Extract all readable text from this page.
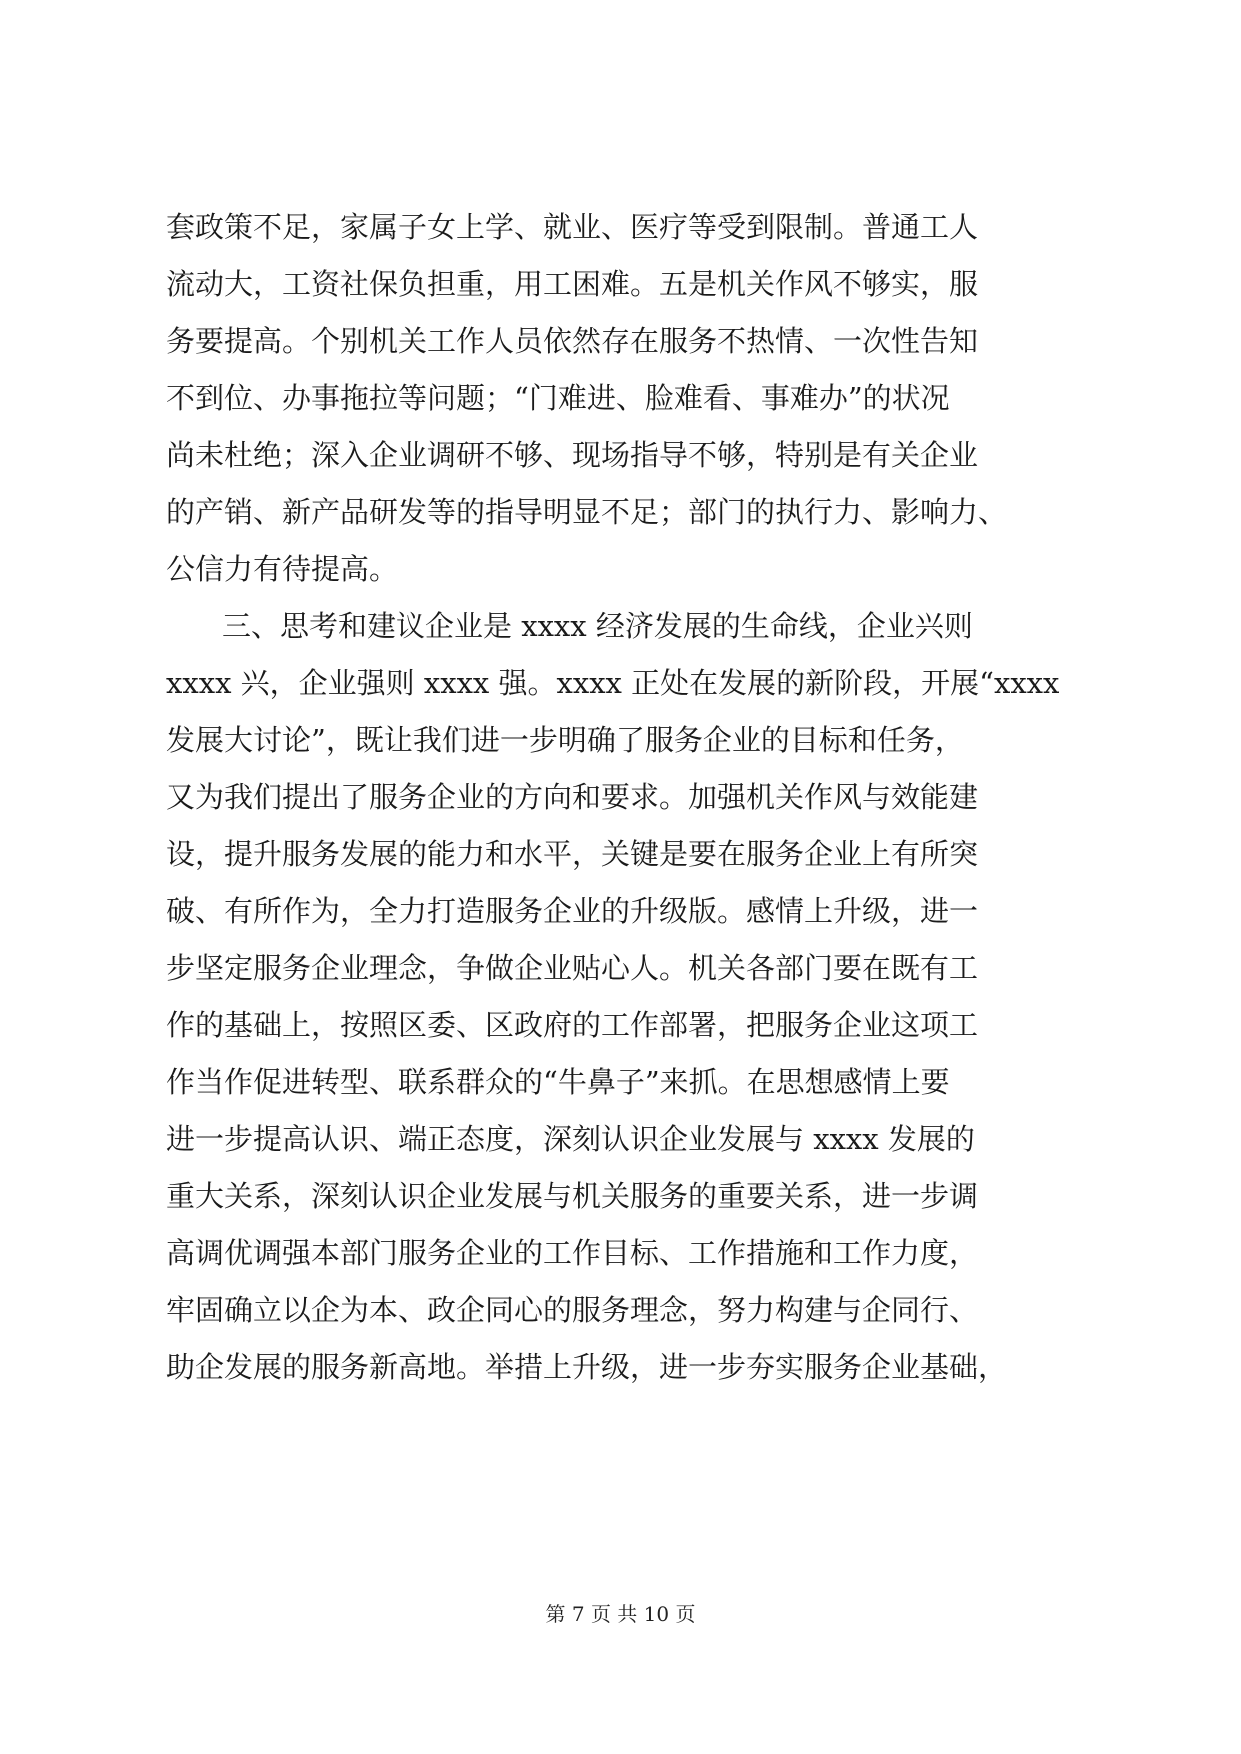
套政策不足，家属子女上学、就业、医疗等受到限制。普通工人
流动大，工资社保负担重，用工困难。五是机关作风不够实，服
务要提高。个别机关工作人员依然存在服务不热情、一次性告知
不到位、办事拖拉等问题；“门难进、脸难看、事难办”的状况
尚未杜绝；深入企业调研不够、现场指导不够，特别是有关企业
的产销、新产品研发等的指导明显不足；部门的执行力、影响力、
公信力有待提高。
三、思考和建议企业是 xxxx 经济发展的生命线，企业兴则
xxxx 兴，企业强则 xxxx 强。xxxx 正处在发展的新阶段，开展“xxxx
发展大讨论”，既让我们进一步明确了服务企业的目标和任务，
又为我们提出了服务企业的方向和要求。加强机关作风与效能建
设，提升服务发展的能力和水平，关键是要在服务企业上有所突
破、有所作为，全力打造服务企业的升级版。感情上升级，进一
步坚定服务企业理念，争做企业贴心人。机关各部门要在既有工
作的基础上，按照区委、区政府的工作部署，把服务企业这项工
作当作促进转型、联系群众的“牛鼻子”来抓。在思想感情上要
进一步提高认识、端正态度，深刻认识企业发展与 xxxx 发展的
重大关系，深刻认识企业发展与机关服务的重要关系，进一步调
高调优调强本部门服务企业的工作目标、工作措施和工作力度，
牢固确立以企为本、政企同心的服务理念，努力构建与企同行、
助企发展的服务新高地。举措上升级，进一步夯实服务企业基础，
第 7 页 共 10 页
